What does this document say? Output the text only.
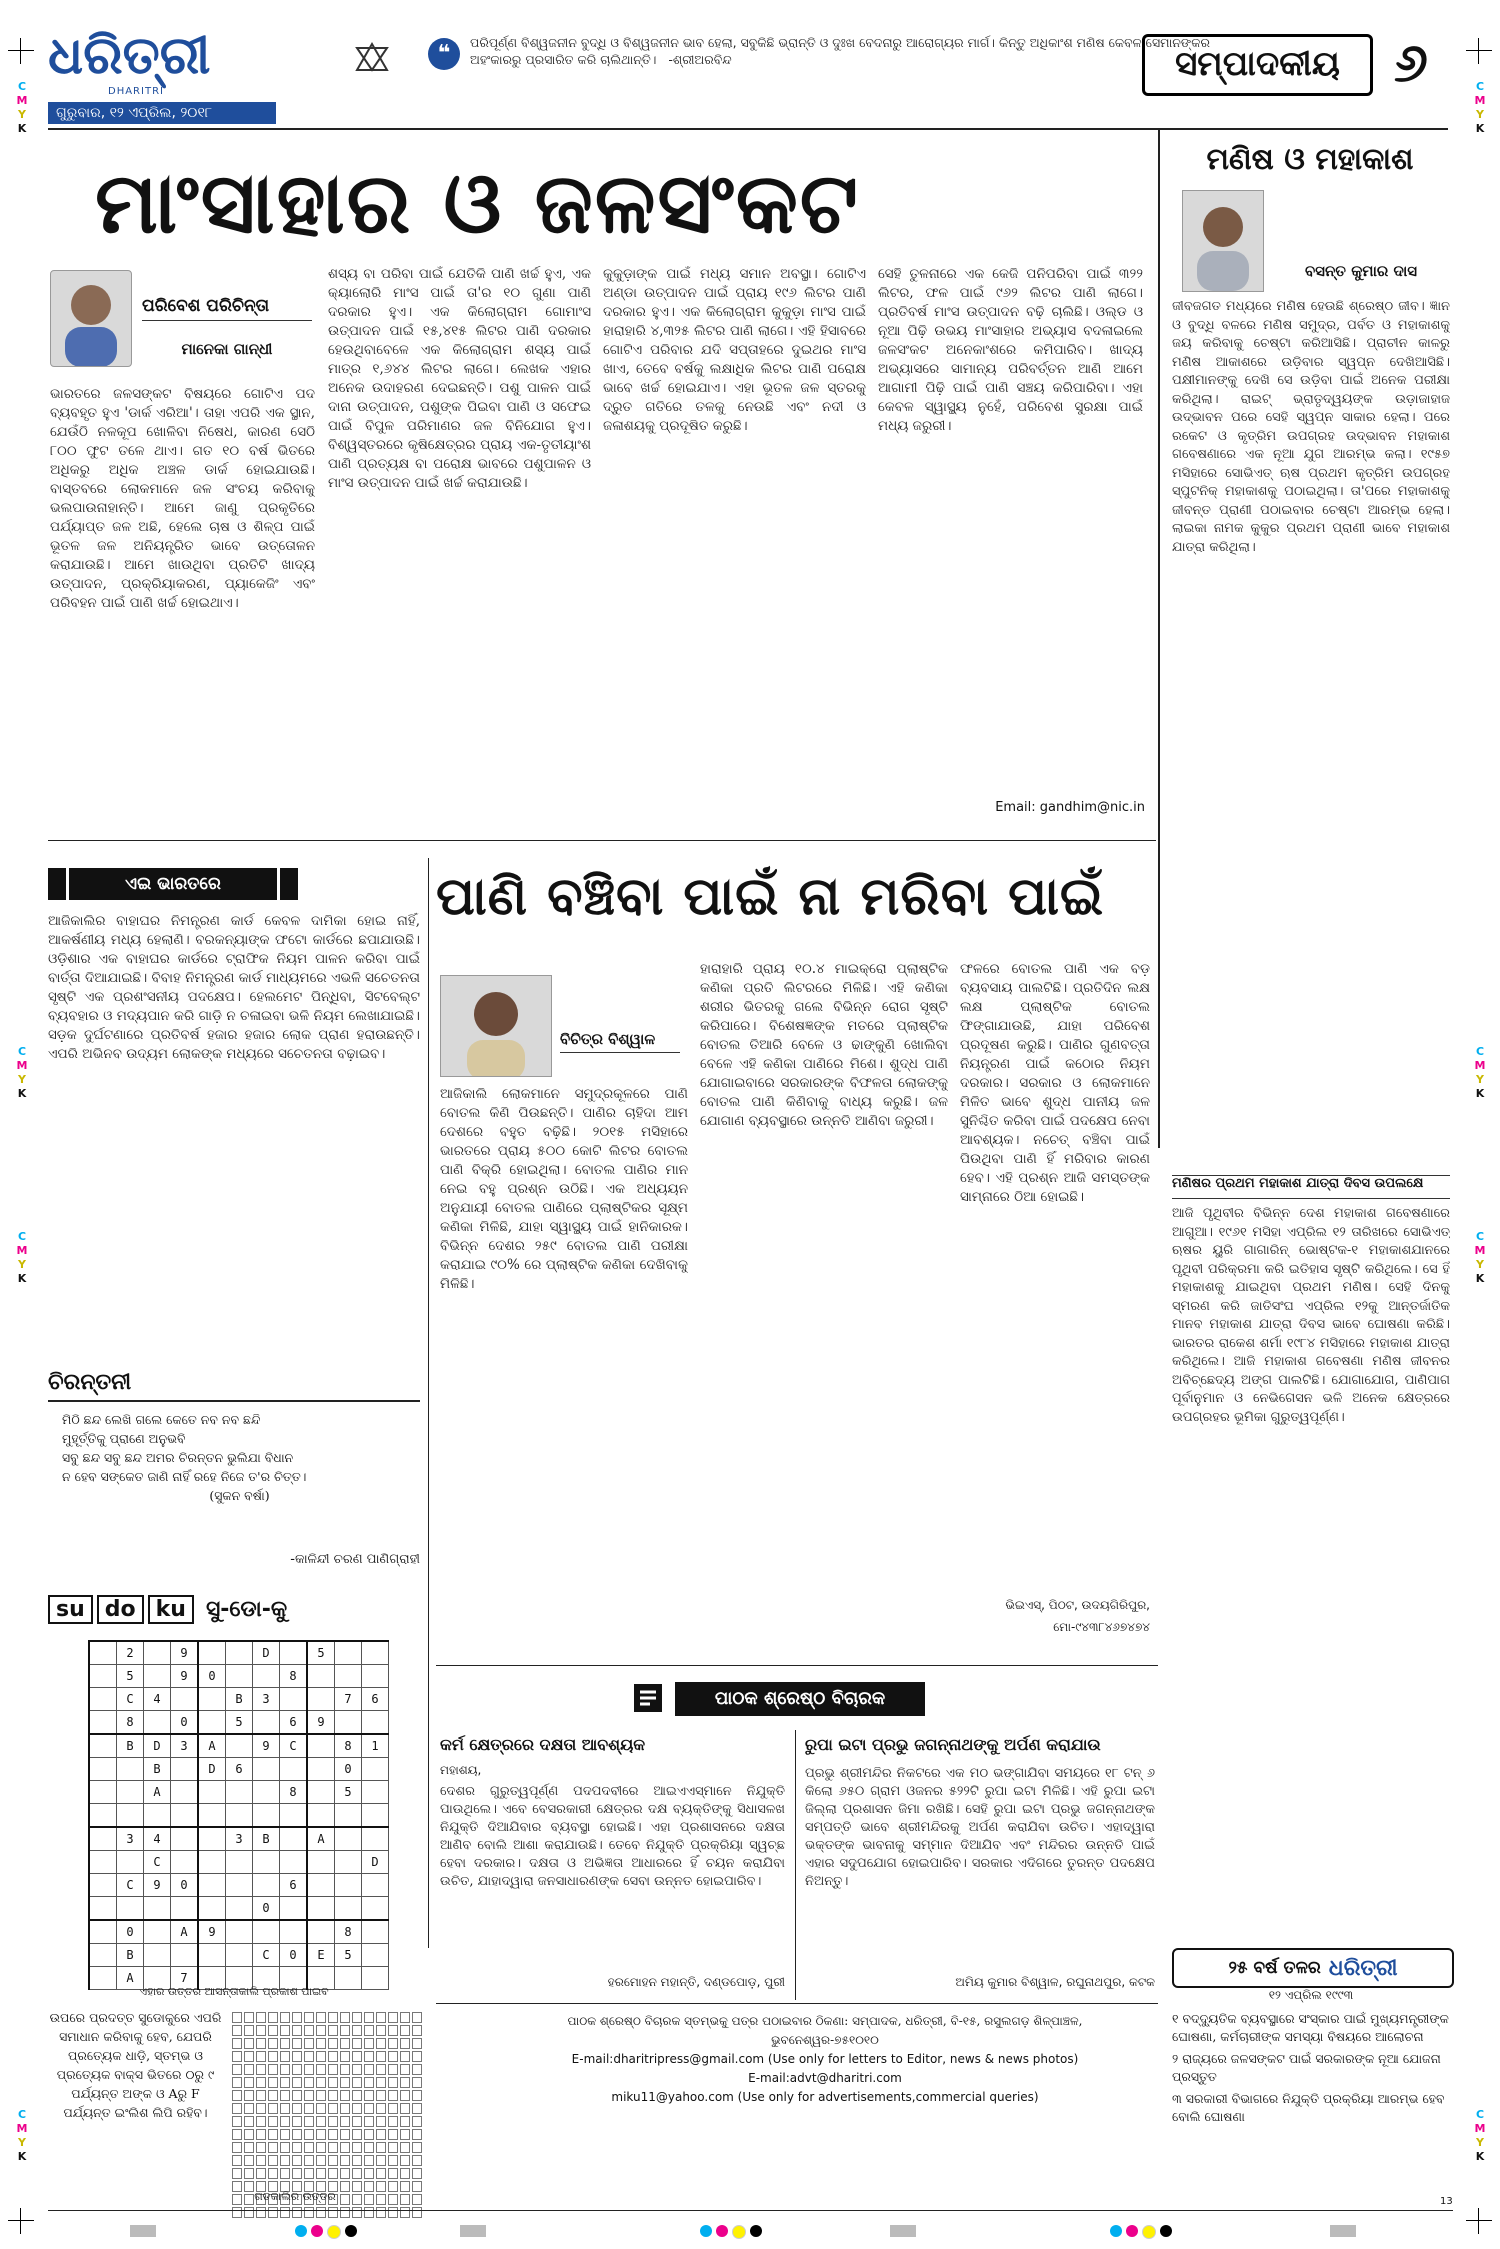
C
M
Y
K
C
M
Y
K
C
M
Y
K
C
M
Y
K
C
M
Y
K
C
M
Y
K
C
M
Y
K
C
M
Y
K
ଧରିତ୍ରୀ
DHARITRI
ଗୁରୁବାର, ୧୨ ଏପ୍ରିଲ, ୨୦୧୮
❝	ପରିପୂର୍ଣ୍ଣ ବିଶ୍ୱଜନୀନ ବୁଦ୍ଧି ଓ ବିଶ୍ୱଜନୀନ ଭାବ ହେଲା, ସବୁକିଛି ଭ୍ରାନ୍ତି ଓ ଦୁଃଖ ବେଦନାରୁ ଆରୋଗ୍ୟର ମାର୍ଗ। କିନ୍ତୁ ଅଧିକାଂଶ ମଣିଷ କେବଳ ସେମାନଙ୍କର ଅହଂକାରରୁ ପ୍ରସାରିତ କରି ଚାଲିଥାନ୍ତି। -ଶ୍ରୀଅରବିନ୍ଦ	ସମ୍ପାଦକୀୟ	୬
ମାଂସାହାର ଓ ଜଳସଂକଟ
ପରିବେଶ ପରିଚିନ୍ତା
ମାନେକା ଗାନ୍ଧୀ
ଭାରତରେ ଜଳସଙ୍କଟ ବିଷୟରେ ଗୋଟିଏ ପଦ ବ୍ୟବହୃତ ହୁଏ 'ଡାର୍କ ଏରିଆ'। ତାହା ଏପରି ଏକ ସ୍ଥାନ, ଯେଉଁଠି ନଳକୂପ ଖୋଳିବା ନିଷେଧ, କାରଣ ସେଠି ୮୦୦ ଫୁଟ ତଳେ ଥାଏ। ଗତ ୧୦ ବର୍ଷ ଭିତରେ ଅଧିକରୁ ଅଧିକ ଅଞ୍ଚଳ ଡାର୍କ ହୋଇଯାଉଛି। ବାସ୍ତବରେ ଲୋକମାନେ ଜଳ ସଂଚୟ କରିବାକୁ ଭଲପାଉନାହାନ୍ତି। ଆମେ ଜାଣୁ ପ୍ରକୃତିରେ ପର୍ଯ୍ୟାପ୍ତ ଜଳ ଅଛି, ହେଲେ ଚାଷ ଓ ଶିଳ୍ପ ପାଇଁ ଭୂତଳ ଜଳ ଅନିୟନ୍ତ୍ରିତ ଭାବେ ଉତ୍ତୋଳନ କରାଯାଉଛି। ଆମେ ଖାଉଥିବା ପ୍ରତିଟି ଖାଦ୍ୟ ଉତ୍ପାଦନ, ପ୍ରକ୍ରିୟାକରଣ, ପ୍ୟାକେଜିଂ ଏବଂ ପରିବହନ ପାଇଁ ପାଣି ଖର୍ଚ୍ଚ ହୋଇଥାଏ।
ଶସ୍ୟ ବା ପରିବା ପାଇଁ ଯେତିକି ପାଣି ଖର୍ଚ୍ଚ ହୁଏ, ଏକ କ୍ୟାଲୋରି ମାଂସ ପାଇଁ ତା'ର ୧୦ ଗୁଣା ପାଣି ଦରକାର ହୁଏ। ଏକ କିଲୋଗ୍ରାମ ଗୋମାଂସ ଉତ୍ପାଦନ ପାଇଁ ୧୫,୪୧୫ ଲିଟର ପାଣି ଦରକାର ହେଉଥିବାବେଳେ ଏକ କିଲୋଗ୍ରାମ ଶସ୍ୟ ପାଇଁ ମାତ୍ର ୧,୬୪୪ ଲିଟର ଲାଗେ। ଲେଖକ ଏହାର ଅନେକ ଉଦାହରଣ ଦେଇଛନ୍ତି। ପଶୁ ପାଳନ ପାଇଁ ଦାନା ଉତ୍ପାଦନ, ପଶୁଙ୍କ ପିଇବା ପାଣି ଓ ସଫେଇ ପାଇଁ ବିପୁଳ ପରିମାଣର ଜଳ ବିନିଯୋଗ ହୁଏ। ବିଶ୍ୱସ୍ତରରେ କୃଷିକ୍ଷେତ୍ରର ପ୍ରାୟ ଏକ-ତୃତୀୟାଂଶ ପାଣି ପ୍ରତ୍ୟକ୍ଷ ବା ପରୋକ୍ଷ ଭାବରେ ପଶୁପାଳନ ଓ ମାଂସ ଉତ୍ପାଦନ ପାଇଁ ଖର୍ଚ୍ଚ କରାଯାଉଛି।
କୁକୁଡ଼ାଙ୍କ ପାଇଁ ମଧ୍ୟ ସମାନ ଅବସ୍ଥା। ଗୋଟିଏ ଅଣ୍ଡା ଉତ୍ପାଦନ ପାଇଁ ପ୍ରାୟ ୧୯୬ ଲିଟର ପାଣି ଦରକାର ହୁଏ। ଏକ କିଲୋଗ୍ରାମ କୁକୁଡ଼ା ମାଂସ ପାଇଁ ହାରାହାରି ୪,୩୨୫ ଲିଟର ପାଣି ଲାଗେ। ଏହି ହିସାବରେ ଗୋଟିଏ ପରିବାର ଯଦି ସପ୍ତାହରେ ଦୁଇଥର ମାଂସ ଖାଏ, ତେବେ ବର୍ଷକୁ ଲକ୍ଷାଧିକ ଲିଟର ପାଣି ପରୋକ୍ଷ ଭାବେ ଖର୍ଚ୍ଚ ହୋଇଯାଏ। ଏହା ଭୂତଳ ଜଳ ସ୍ତରକୁ ଦ୍ରୁତ ଗତିରେ ତଳକୁ ନେଉଛି ଏବଂ ନଦୀ ଓ ଜଳାଶୟକୁ ପ୍ରଦୂଷିତ କରୁଛି।
ସେହି ତୁଳନାରେ ଏକ କେଜି ପନିପରିବା ପାଇଁ ୩୨୨ ଲିଟର, ଫଳ ପାଇଁ ୯୬୨ ଲିଟର ପାଣି ଲାଗେ। ପ୍ରତିବର୍ଷ ମାଂସ ଉତ୍ପାଦନ ବଢ଼ି ଚାଲିଛି। ଓଲ୍ଡ ଓ ନୂଆ ପିଢ଼ି ଉଭୟ ମାଂସାହାର ଅଭ୍ୟାସ ବଦଳାଇଲେ ଜଳସଂକଟ ଅନେକାଂଶରେ କମିପାରିବ। ଖାଦ୍ୟ ଅଭ୍ୟାସରେ ସାମାନ୍ୟ ପରିବର୍ତ୍ତନ ଆଣି ଆମେ ଆଗାମୀ ପିଢ଼ି ପାଇଁ ପାଣି ସଞ୍ଚୟ କରିପାରିବା। ଏହା କେବଳ ସ୍ୱାସ୍ଥ୍ୟ ନୁହେଁ, ପରିବେଶ ସୁରକ୍ଷା ପାଇଁ ମଧ୍ୟ ଜରୁରୀ।
Email: gandhim@nic.in
ମଣିଷ ଓ ମହାକାଶ
ବସନ୍ତ କୁମାର ଦାସ
ଜୀବଜଗତ ମଧ୍ୟରେ ମଣିଷ ହେଉଛି ଶ୍ରେଷ୍ଠ ଜୀବ। ଜ୍ଞାନ ଓ ବୁଦ୍ଧି ବଳରେ ମଣିଷ ସମୁଦ୍ର, ପର୍ବତ ଓ ମହାକାଶକୁ ଜୟ କରିବାକୁ ଚେଷ୍ଟା କରିଆସିଛି। ପ୍ରାଚୀନ କାଳରୁ ମଣିଷ ଆକାଶରେ ଉଡ଼ିବାର ସ୍ୱପ୍ନ ଦେଖିଆସିଛି। ପକ୍ଷୀମାନଙ୍କୁ ଦେଖି ସେ ଉଡ଼ିବା ପାଇଁ ଅନେକ ପରୀକ୍ଷା କରିଥିଲା। ରାଇଟ୍ ଭ୍ରାତୃଦ୍ୱୟଙ୍କ ଉଡ଼ାଜାହାଜ ଉଦ୍ଭାବନ ପରେ ସେହି ସ୍ୱପ୍ନ ସାକାର ହେଲା। ପରେ ରକେଟ ଓ କୃତ୍ରିମ ଉପଗ୍ରହ ଉଦ୍ଭାବନ ମହାକାଶ ଗବେଷଣାରେ ଏକ ନୂଆ ଯୁଗ ଆରମ୍ଭ କଲା। ୧୯୫୭ ମସିହାରେ ସୋଭିଏତ୍ ଋଷ ପ୍ରଥମ କୃତ୍ରିମ ଉପଗ୍ରହ ସ୍ପୁଟନିକ୍ ମହାକାଶକୁ ପଠାଇଥିଲା। ତା'ପରେ ମହାକାଶକୁ ଜୀବନ୍ତ ପ୍ରାଣୀ ପଠାଇବାର ଚେଷ୍ଟା ଆରମ୍ଭ ହେଲା। ଲାଇକା ନାମକ କୁକୁର ପ୍ରଥମ ପ୍ରାଣୀ ଭାବେ ମହାକାଶ ଯାତ୍ରା କରିଥିଲା।
ମଣିଷର ପ୍ରଥମ ମହାକାଶ ଯାତ୍ରା ଦିବସ ଉପଲକ୍ଷେ
ଆଜି ପୃଥିବୀର ବିଭିନ୍ନ ଦେଶ ମହାକାଶ ଗବେଷଣାରେ ଆଗୁଆ। ୧୯୬୧ ମସିହା ଏପ୍ରିଲ ୧୨ ତାରିଖରେ ସୋଭିଏତ୍ ଋଷର ୟୁରି ଗାଗାରିନ୍ ଭୋଷ୍ଟକ-୧ ମହାକାଶଯାନରେ ପୃଥିବୀ ପରିକ୍ରମା କରି ଇତିହାସ ସୃଷ୍ଟି କରିଥିଲେ। ସେ ହିଁ ମହାକାଶକୁ ଯାଇଥିବା ପ୍ରଥମ ମଣିଷ। ସେହି ଦିନକୁ ସ୍ମରଣ କରି ଜାତିସଂଘ ଏପ୍ରିଲ ୧୨କୁ ଆନ୍ତର୍ଜାତିକ ମାନବ ମହାକାଶ ଯାତ୍ରା ଦିବସ ଭାବେ ଘୋଷଣା କରିଛି। ଭାରତର ରାକେଶ ଶର୍ମା ୧୯୮୪ ମସିହାରେ ମହାକାଶ ଯାତ୍ରା କରିଥିଲେ। ଆଜି ମହାକାଶ ଗବେଷଣା ମଣିଷ ଜୀବନର ଅବିଚ୍ଛେଦ୍ୟ ଅଙ୍ଗ ପାଲଟିଛି। ଯୋଗାଯୋଗ, ପାଣିପାଗ ପୂର୍ବାନୁମାନ ଓ ନେଭିଗେସନ ଭଳି ଅନେକ କ୍ଷେତ୍ରରେ ଉପଗ୍ରହର ଭୂମିକା ଗୁରୁତ୍ୱପୂର୍ଣ୍ଣ।
ଏଇ ଭାରତରେ
ଆଜିକାଲିର ବାହାଘର ନିମନ୍ତ୍ରଣ କାର୍ଡ କେବଳ ଦାମିକା ହୋଇ ନାହିଁ, ଆକର୍ଷଣୀୟ ମଧ୍ୟ ହେଲାଣି। ବରକନ୍ୟାଙ୍କ ଫଟୋ କାର୍ଡରେ ଛପାଯାଉଛି। ଓଡ଼ିଶାର ଏକ ବାହାଘର କାର୍ଡରେ ଟ୍ରାଫିକ ନିୟମ ପାଳନ କରିବା ପାଇଁ ବାର୍ତ୍ତା ଦିଆଯାଇଛି। ବିବାହ ନିମନ୍ତ୍ରଣ କାର୍ଡ ମାଧ୍ୟମରେ ଏଭଳି ସଚେତନତା ସୃଷ୍ଟି ଏକ ପ୍ରଶଂସନୀୟ ପଦକ୍ଷେପ। ହେଲମେଟ ପିନ୍ଧିବା, ସିଟବେଲ୍ଟ ବ୍ୟବହାର ଓ ମଦ୍ୟପାନ କରି ଗାଡ଼ି ନ ଚଳାଇବା ଭଳି ନିୟମ ଲେଖାଯାଇଛି। ସଡ଼କ ଦୁର୍ଘଟଣାରେ ପ୍ରତିବର୍ଷ ହଜାର ହଜାର ଲୋକ ପ୍ରାଣ ହରାଉଛନ୍ତି। ଏପରି ଅଭିନବ ଉଦ୍ୟମ ଲୋକଙ୍କ ମଧ୍ୟରେ ସଚେତନତା ବଢ଼ାଇବ।
ଚିରନ୍ତନୀ
ମିଠି ଛନ୍ଦ ଲେଖି ଗଲେ କେତେ ନବ ନବ ଛନ୍ଦି
ମୁହୂର୍ତ୍ତିକୁ ପ୍ରାଣେ ଅନୁଭବି
ସବୁ ଛନ୍ଦ ସବୁ ଛନ୍ଦ ଅମର ଚିରନ୍ତନ ଭୁଲିଯା ବିଧାନ
ନ ହେବ ସଙ୍କେତ ଜାଣି ନାହିଁ ରହେ ନିଜେ ତ'ର ଚିତ୍ତ।
(ସୁକନ ବର୍ଷା)
-କାଳିନ୍ଦୀ ଚରଣ ପାଣିଗ୍ରାହୀ
su do ku ସୁ-ଡୋ-କୁ
	2		9			D		5		
	5		9	0			8			
	C	4			B	3			7	6
	8		0		5		6	9		
	B	D	3	A		9	C		8	1
		B		D	6				0	
		A					8		5	

	3	4			3	B		A		
		C								D
	C	9	0				6			
						0				
	0		A	9					8	
	B					C	0	E	5	
	A		7							
ଏହାର ଉତ୍ତର ଆସନ୍ତାକାଲି ପ୍ରକାଶ ପାଇବ
ଉପରେ ପ୍ରଦତ୍ତ ସୁଡୋକୁରେ ଏପରି ସମାଧାନ କରିବାକୁ ହେବ, ଯେପରି ପ୍ରତ୍ୟେକ ଧାଡ଼ି, ସ୍ତମ୍ଭ ଓ ପ୍ରତ୍ୟେକ ବାକ୍ସ ଭିତରେ ୦ରୁ ୯ ପର୍ଯ୍ୟନ୍ତ ଅଙ୍କ ଓ Aରୁ F ପର୍ଯ୍ୟନ୍ତ ଇଂଲିଶ ଲିପି ରହିବ।

ଗତକାଲିର ଉତ୍ତର
ପାଣି ବଞ୍ଚିବା ପାଇଁ ନା ମରିବା ପାଇଁ
ବିଚିତ୍ର ବିଶ୍ୱାଳ
ଆଜିକାଲି ଲୋକମାନେ ସମୁଦ୍ରକୂଳରେ ପାଣି ବୋତଲ କିଣି ପିଉଛନ୍ତି। ପାଣିର ଚାହିଦା ଆମ ଦେଶରେ ବହୁତ ବଢ଼ିଛି। ୨୦୧୫ ମସିହାରେ ଭାରତରେ ପ୍ରାୟ ୫୦୦ କୋଟି ଲିଟର ବୋତଲ ପାଣି ବିକ୍ରି ହୋଇଥିଲା। ବୋତଲ ପାଣିର ମାନ ନେଇ ବହୁ ପ୍ରଶ୍ନ ଉଠିଛି। ଏକ ଅଧ୍ୟୟନ ଅନୁଯାୟୀ ବୋତଲ ପାଣିରେ ପ୍ଲାଷ୍ଟିକର ସୂକ୍ଷ୍ମ କଣିକା ମିଳିଛି, ଯାହା ସ୍ୱାସ୍ଥ୍ୟ ପାଇଁ ହାନିକାରକ। ବିଭିନ୍ନ ଦେଶର ୨୫୯ ବୋତଲ ପାଣି ପରୀକ୍ଷା କରାଯାଇ ୯୦% ରେ ପ୍ଲାଷ୍ଟିକ କଣିକା ଦେଖିବାକୁ ମିଳିଛି।
ହାରାହାରି ପ୍ରାୟ ୧୦.୪ ମାଇକ୍ରୋ ପ୍ଲାଷ୍ଟିକ କଣିକା ପ୍ରତି ଲିଟରରେ ମିଳିଛି। ଏହି କଣିକା ଶରୀର ଭିତରକୁ ଗଲେ ବିଭିନ୍ନ ରୋଗ ସୃଷ୍ଟି କରିପାରେ। ବିଶେଷଜ୍ଞଙ୍କ ମତରେ ପ୍ଲାଷ୍ଟିକ ବୋତଲ ତିଆରି ବେଳେ ଓ ଢାଙ୍କୁଣି ଖୋଲିବା ବେଳେ ଏହି କଣିକା ପାଣିରେ ମିଶେ। ଶୁଦ୍ଧ ପାଣି ଯୋଗାଇବାରେ ସରକାରଙ୍କ ବିଫଳତା ଲୋକଙ୍କୁ ବୋତଲ ପାଣି କିଣିବାକୁ ବାଧ୍ୟ କରୁଛି। ଜଳ ଯୋଗାଣ ବ୍ୟବସ୍ଥାରେ ଉନ୍ନତି ଆଣିବା ଜରୁରୀ।
ଫଳରେ ବୋତଲ ପାଣି ଏକ ବଡ଼ ବ୍ୟବସାୟ ପାଲଟିଛି। ପ୍ରତିଦିନ ଲକ୍ଷ ଲକ୍ଷ ପ୍ଲାଷ୍ଟିକ ବୋତଲ ଫିଙ୍ଗାଯାଉଛି, ଯାହା ପରିବେଶ ପ୍ରଦୂଷଣ କରୁଛି। ପାଣିର ଗୁଣବତ୍ତା ନିୟନ୍ତ୍ରଣ ପାଇଁ କଠୋର ନିୟମ ଦରକାର। ସରକାର ଓ ଲୋକମାନେ ମିଳିତ ଭାବେ ଶୁଦ୍ଧ ପାନୀୟ ଜଳ ସୁନିଶ୍ଚିତ କରିବା ପାଇଁ ପଦକ୍ଷେପ ନେବା ଆବଶ୍ୟକ। ନଚେତ୍ ବଞ୍ଚିବା ପାଇଁ ପିଉଥିବା ପାଣି ହିଁ ମରିବାର କାରଣ ହେବ। ଏହି ପ୍ରଶ୍ନ ଆଜି ସମସ୍ତଙ୍କ ସାମ୍ନାରେ ଠିଆ ହୋଇଛି।
ଭିଇଏସ୍, ପିଠଟ, ଉଦୟଗିରିପୁର,
ମୋ-୯୪୩୮୪୬୭୪୭୪
ପାଠକ ଶ୍ରେଷ୍ଠ ବିଚାରକ
କର୍ମ କ୍ଷେତ୍ରରେ ଦକ୍ଷତା ଆବଶ୍ୟକ
ମହାଶୟ,
ଦେଶର ଗୁରୁତ୍ୱପୂର୍ଣ୍ଣ ପଦପଦବୀରେ ଆଇଏଏସ୍‌ମାନେ ନିଯୁକ୍ତି ପାଉଥିଲେ। ଏବେ ବେସରକାରୀ କ୍ଷେତ୍ରର ଦକ୍ଷ ବ୍ୟକ୍ତିଙ୍କୁ ସିଧାସଳଖ ନିଯୁକ୍ତି ଦିଆଯିବାର ବ୍ୟବସ୍ଥା ହୋଇଛି। ଏହା ପ୍ରଶାସନରେ ଦକ୍ଷତା ଆଣିବ ବୋଲି ଆଶା କରାଯାଉଛି। ତେବେ ନିଯୁକ୍ତି ପ୍ରକ୍ରିୟା ସ୍ୱଚ୍ଛ ହେବା ଦରକାର। ଦକ୍ଷତା ଓ ଅଭିଜ୍ଞତା ଆଧାରରେ ହିଁ ଚୟନ କରାଯିବା ଉଚିତ, ଯାହାଦ୍ୱାରା ଜନସାଧାରଣଙ୍କ ସେବା ଉନ୍ନତ ହୋଇପାରିବ।
ହରମୋହନ ମହାନ୍ତି, ଦଣ୍ଡପୋଡ଼, ପୁରୀ
ରୁପା ଇଟା ପ୍ରଭୁ ଜଗନ୍ନାଥଙ୍କୁ ଅର୍ପଣ କରାଯାଉ
ପ୍ରଭୁ ଶ୍ରୀମନ୍ଦିର ନିକଟରେ ଏକ ମଠ ଭଙ୍ଗାଯିବା ସମୟରେ ୧୮ ଟନ୍ ୬ କିଲୋ ୬୫୦ ଗ୍ରାମ ଓଜନର ୫୨୨ଟି ରୁପା ଇଟା ମିଳିଛି। ଏହି ରୁପା ଇଟା ଜିଲ୍ଲା ପ୍ରଶାସନ ଜିମା ରଖିଛି। ସେହି ରୁପା ଇଟା ପ୍ରଭୁ ଜଗନ୍ନାଥଙ୍କ ସମ୍ପତ୍ତି ଭାବେ ଶ୍ରୀମନ୍ଦିରକୁ ଅର୍ପଣ କରାଯିବା ଉଚିତ। ଏହାଦ୍ୱାରା ଭକ୍ତଙ୍କ ଭାବନାକୁ ସମ୍ମାନ ଦିଆଯିବ ଏବଂ ମନ୍ଦିରର ଉନ୍ନତି ପାଇଁ ଏହାର ସଦୁପଯୋଗ ହୋଇପାରିବ। ସରକାର ଏଦିଗରେ ତୁରନ୍ତ ପଦକ୍ଷେପ ନିଅନ୍ତୁ।
ଅମିୟ କୁମାର ବିଶ୍ୱାଳ, ରଘୁନାଥପୁର, କଟକ
ପାଠକ ଶ୍ରେଷ୍ଠ ବିଚାରକ ସ୍ତମ୍ଭକୁ ପତ୍ର ପଠାଇବାର ଠିକଣା: ସମ୍ପାଦକ, ଧରିତ୍ରୀ, ବି-୧୫, ରସୁଲଗଡ଼ ଶିଳ୍ପାଞ୍ଚଳ, ଭୁବନେଶ୍ୱର-୭୫୧୦୧୦
E-mail:dharitripress@gmail.com (Use only for letters to Editor, news & news photos)
E-mail:advt@dharitri.com
miku11@yahoo.com (Use only for advertisements,commercial queries)
୨୫ ବର୍ଷ ତଳର ଧରିତ୍ରୀ
୧୨ ଏପ୍ରିଲ ୧୯୯୩
୧ ବଦ୍‌ଦ୍ୟୁତିକ ବ୍ୟବସ୍ଥାରେ ସଂସ୍କାର ପାଇଁ ମୁଖ୍ୟମନ୍ତ୍ରୀଙ୍କ ଘୋଷଣା, କର୍ମଚାରୀଙ୍କ ସମସ୍ୟା ବିଷୟରେ ଆଲୋଚନା
୨ ରାଜ୍ୟରେ ଜଳସଙ୍କଟ ପାଇଁ ସରକାରଙ୍କ ନୂଆ ଯୋଜନା ପ୍ରସ୍ତୁତ
୩ ସରକାରୀ ବିଭାଗରେ ନିଯୁକ୍ତି ପ୍ରକ୍ରିୟା ଆରମ୍ଭ ହେବ ବୋଲି ଘୋଷଣା
13
